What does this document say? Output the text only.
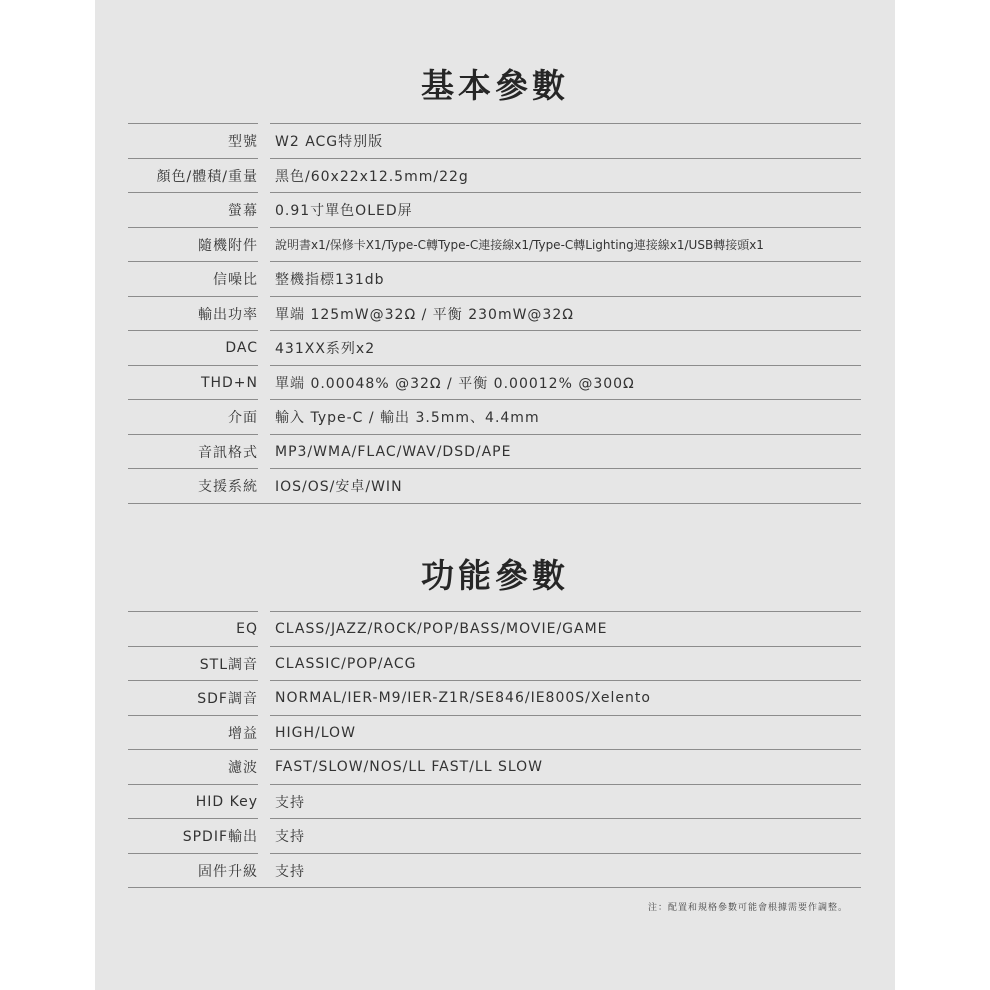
基本參數
型號	W2 ACG特別版
顏色/體積/重量	黑色/60x22x12.5mm/22g
螢幕	0.91寸單色OLED屏
隨機附件	說明書x1/保修卡X1/Type-C轉Type-C連接線x1/Type-C轉Lighting連接線x1/USB轉接頭x1
信噪比	整機指標131db
輸出功率	單端 125mW@32Ω / 平衡 230mW@32Ω
DAC	431XX系列x2
THD+N	單端 0.00048% @32Ω / 平衡 0.00012% @300Ω
介面	輸入 Type-C / 輸出 3.5mm、4.4mm
音訊格式	MP3/WMA/FLAC/WAV/DSD/APE
支援系統	IOS/OS/安卓/WIN
功能參數
EQ	CLASS/JAZZ/ROCK/POP/BASS/MOVIE/GAME
STL調音	CLASSIC/POP/ACG
SDF調音	NORMAL/IER-M9/IER-Z1R/SE846/IE800S/Xelento
增益	HIGH/LOW
濾波	FAST/SLOW/NOS/LL FAST/LL SLOW
HID Key	支持
SPDIF輸出	支持
固件升級	支持
注：配置和規格參數可能會根據需要作調整。
